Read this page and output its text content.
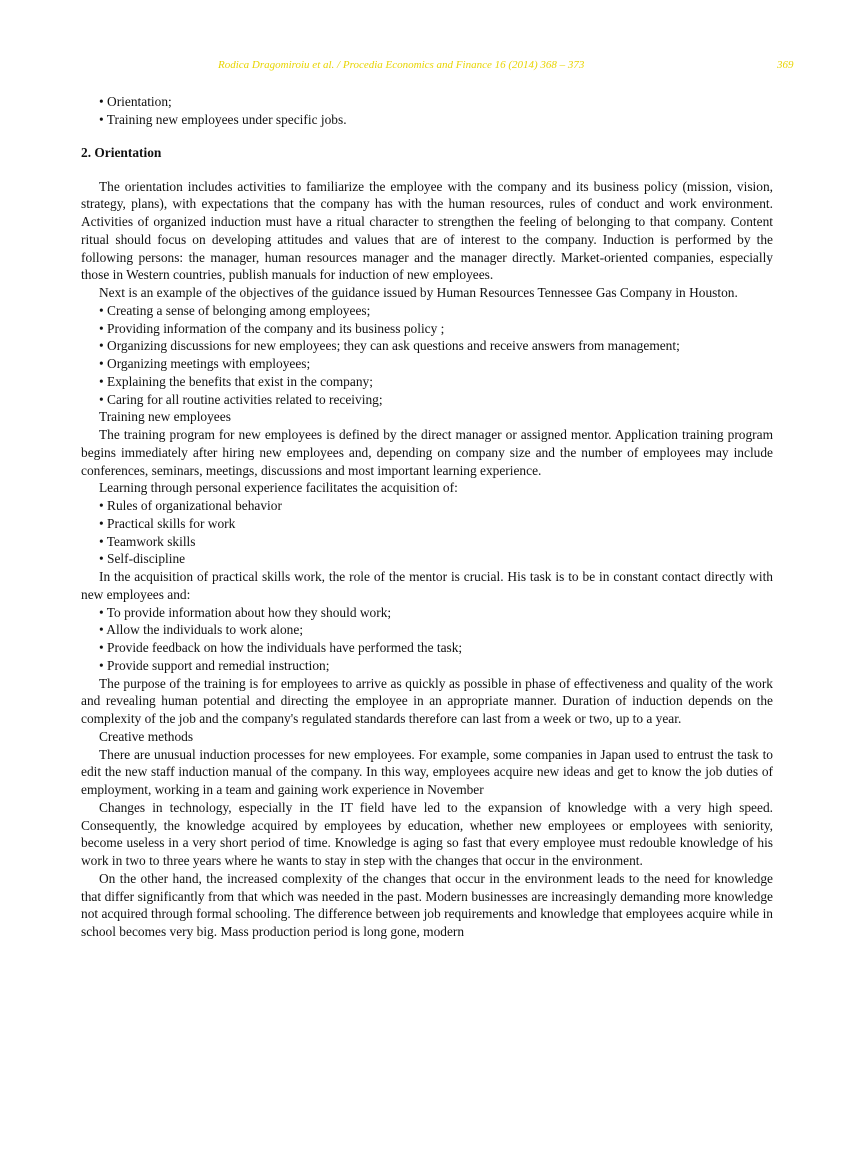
Rodica Dragomiroiu et al. / Procedia Economics and Finance 16 (2014) 368 – 373	369
• Orientation;
• Training new employees under specific jobs.
2. Orientation

The orientation includes activities to familiarize the employee with the company and its business policy (mission, vision, strategy, plans), with expectations that the company has with the human resources, rules of conduct and work environment. Activities of organized induction must have a ritual character to strengthen the feeling of belonging to that company. Content ritual should focus on developing attitudes and values that are of interest to the company. Induction is performed by the following persons: the manager, human resources manager and the manager directly. Market-oriented companies, especially those in Western countries, publish manuals for induction of new employees.

Next is an example of the objectives of the guidance issued by Human Resources Tennessee Gas Company in Houston.

• Creating a sense of belonging among employees;
• Providing information of the company and its business policy ;
• Organizing discussions for new employees; they can ask questions and receive answers from management;
• Organizing meetings with employees;
• Explaining the benefits that exist in the company;
• Caring for all routine activities related to receiving;
Training new employees

The training program for new employees is defined by the direct manager or assigned mentor. Application training program begins immediately after hiring new employees and, depending on company size and the number of employees may include conferences, seminars, meetings, discussions and most important learning experience.

Learning through personal experience facilitates the acquisition of:

• Rules of organizational behavior
• Practical skills for work
• Teamwork skills
• Self-discipline

In the acquisition of practical skills work, the role of the mentor is crucial. His task is to be in constant contact directly with new employees and:

• To provide information about how they should work;
• Allow the individuals to work alone;
• Provide feedback on how the individuals have performed the task;
• Provide support and remedial instruction;

The purpose of the training is for employees to arrive as quickly as possible in phase of effectiveness and quality of the work and revealing human potential and directing the employee in an appropriate manner. Duration of induction depends on the complexity of the job and the company's regulated standards therefore can last from a week or two, up to a year.

Creative methods

There are unusual induction processes for new employees. For example, some companies in Japan used to entrust the task to edit the new staff induction manual of the company. In this way, employees acquire new ideas and get to know the job duties of employment, working in a team and gaining work experience in November

Changes in technology, especially in the IT field have led to the expansion of knowledge with a very high speed. Consequently, the knowledge acquired by employees by education, whether new employees or employees with seniority, become useless in a very short period of time. Knowledge is aging so fast that every employee must redouble knowledge of his work in two to three years where he wants to stay in step with the changes that occur in the environment.

On the other hand, the increased complexity of the changes that occur in the environment leads to the need for knowledge that differ significantly from that which was needed in the past. Modern businesses are increasingly demanding more knowledge not acquired through formal schooling. The difference between job requirements and knowledge that employees acquire while in school becomes very big. Mass production period is long gone, modern
